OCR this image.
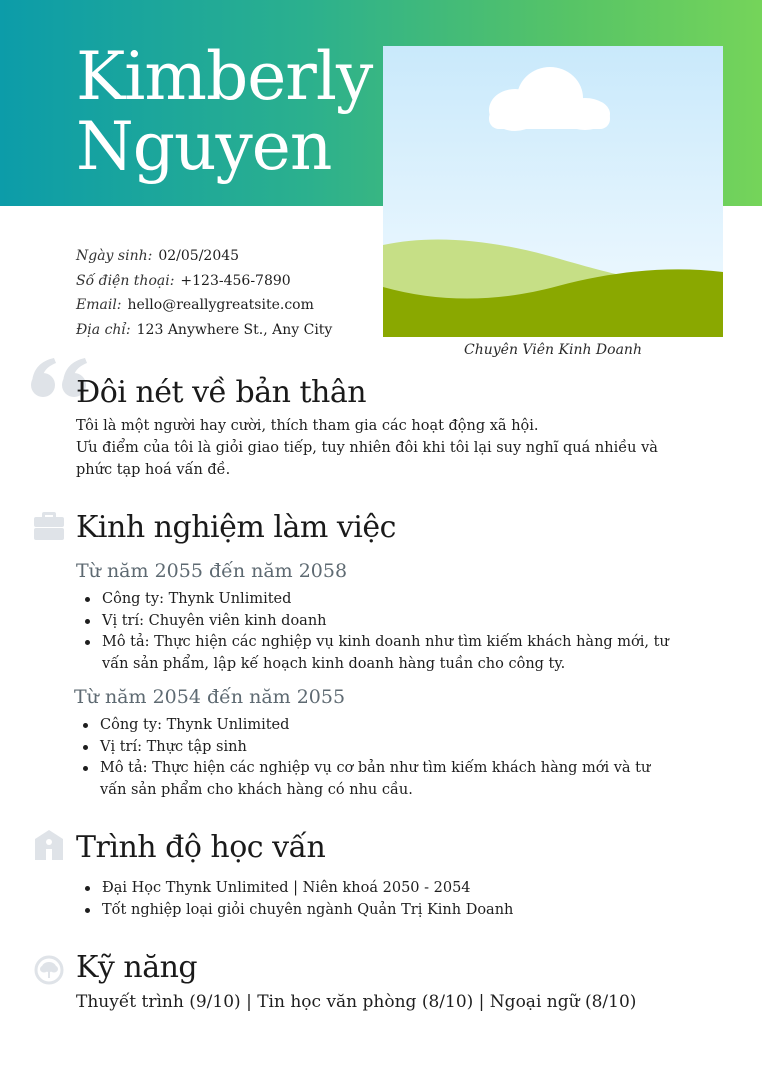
Kimberly
Nguyen
Chuyên Viên Kinh Doanh
Ngày sinh: 02/05/2045
Số điện thoại: +123-456-7890
Email: hello@reallygreatsite.com
Địa chỉ: 123 Anywhere St., Any City
Đôi nét về bản thân

Tôi là một người hay cười, thích tham gia các hoạt động xã hội.

Ưu điểm của tôi là giỏi giao tiếp, tuy nhiên đôi khi tôi lại suy nghĩ quá nhiều và phức tạp hoá vấn đề.

Kinh nghiệm làm việc
Từ năm 2055 đến năm 2058
Công ty: Thynk Unlimited
Vị trí: Chuyên viên kinh doanh
Mô tả: Thực hiện các nghiệp vụ kinh doanh như tìm kiếm khách hàng mới, tư vấn sản phẩm, lập kế hoạch kinh doanh hàng tuần cho công ty.
Từ năm 2054 đến năm 2055
Công ty: Thynk Unlimited
Vị trí: Thực tập sinh
Mô tả: Thực hiện các nghiệp vụ cơ bản như tìm kiếm khách hàng mới và tư vấn sản phẩm cho khách hàng có nhu cầu.
Trình độ học vấn
Đại Học Thynk Unlimited | Niên khoá 2050 - 2054
Tốt nghiệp loại giỏi chuyên ngành Quản Trị Kinh Doanh
Kỹ năng
Thuyết trình (9/10) | Tin học văn phòng (8/10) | Ngoại ngữ (8/10)
